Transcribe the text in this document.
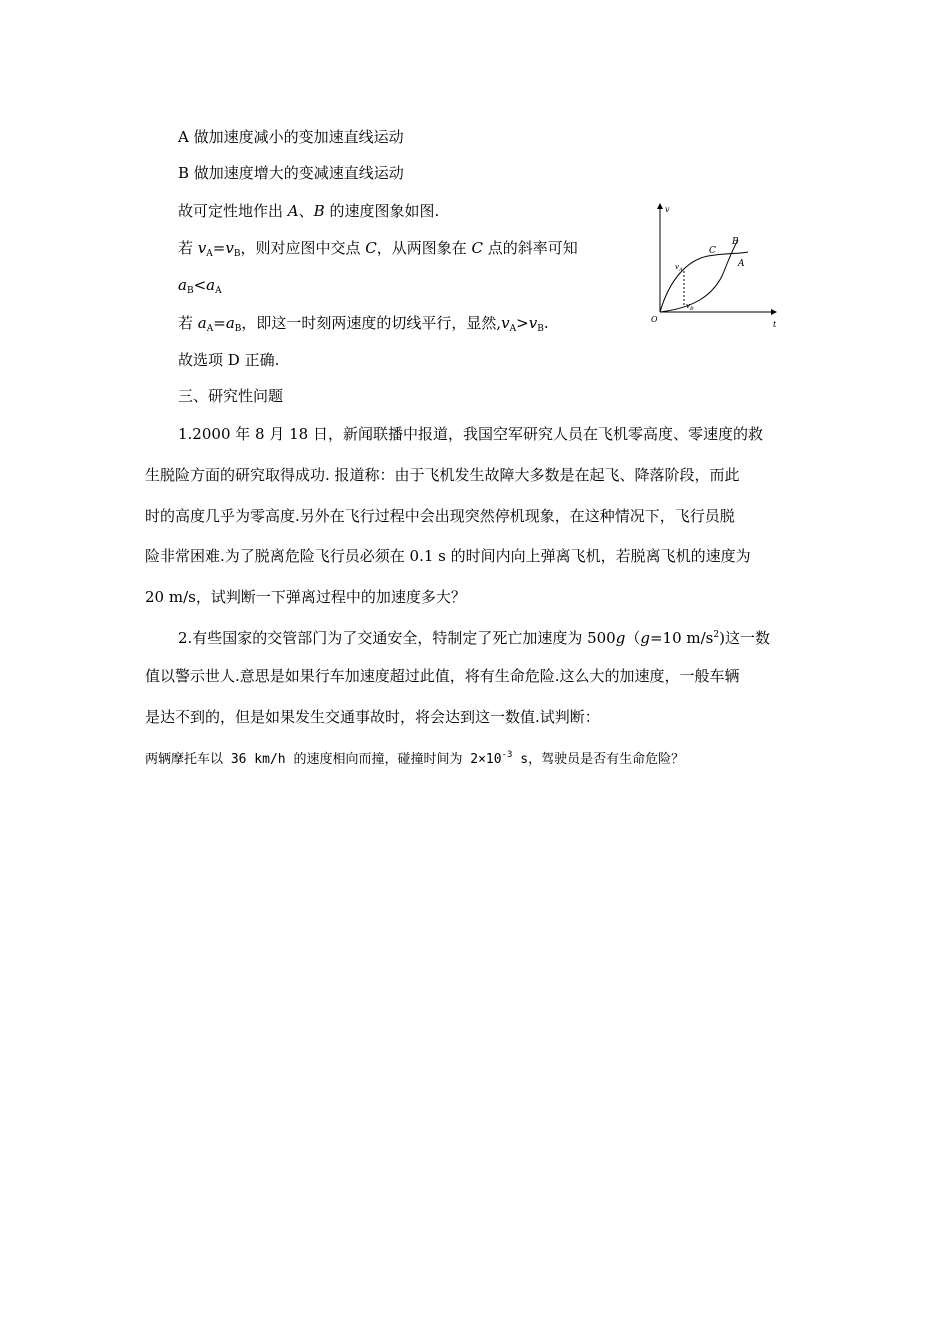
A 做加速度减小的变加速直线运动
B 做加速度增大的变减速直线运动
故可定性地作出 A、B 的速度图象如图.
若 $v_A=v_B$，则对应图中交点 C，从两图象在 C 点的斜率可知
$a_B<a_A$
若 $a_A=a_B$，即这一时刻两速度的切线平行，显然$,v_A>v_B$.
故选项 D 正确.
三、研究性问题
1.2000 年 8 月 18 日，新闻联播中报道，我国空军研究人员在飞机零高度、零速度的救
生脱险方面的研究取得成功. 报道称：由于飞机发生故障大多数是在起飞、降落阶段，而此
时的高度几乎为零高度.另外在飞行过程中会出现突然停机现象，在这种情况下，飞行员脱
险非常困难.为了脱离危险飞行员必须在 0.1 s 的时间内向上弹离飞机，若脱离飞机的速度为
20 m/s，试判断一下弹离过程中的加速度多大？
2.有些国家的交管部门为了交通安全，特制定了死亡加速度为 500g（g=10 $m/s^2$)这一数
值以警示世人.意思是如果行车加速度超过此值，将有生命危险.这么大的加速度，一般车辆
是达不到的，但是如果发生交通事故时，将会达到这一数值.试判断：
两辆摩托车以 36 km/h 的速度相向而撞，碰撞时间为 $2\times 10^{-3}$ s，驾驶员是否有生命危险？
v
t
O
A
B
C
$v_A$
$v_B$
